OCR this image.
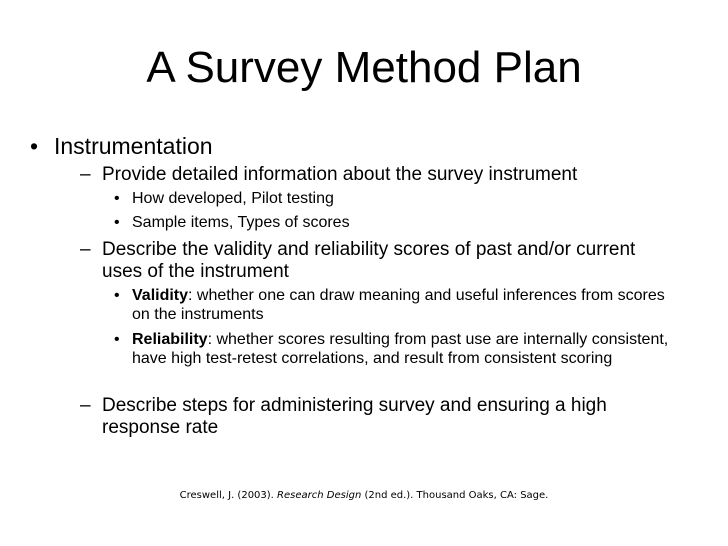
A Survey Method Plan
• Instrumentation
– Provide detailed information about the survey instrument
• How developed, Pilot testing
• Sample items, Types of scores
– Describe the validity and reliability scores of past and/or current uses of the instrument
• Validity: whether one can draw meaning and useful inferences from scores on the instruments
• Reliability: whether scores resulting from past use are internally consistent, have high test-retest correlations, and result from consistent scoring
– Describe steps for administering survey and ensuring a high response rate
Creswell, J. (2003). Research Design (2nd ed.). Thousand Oaks, CA: Sage.
